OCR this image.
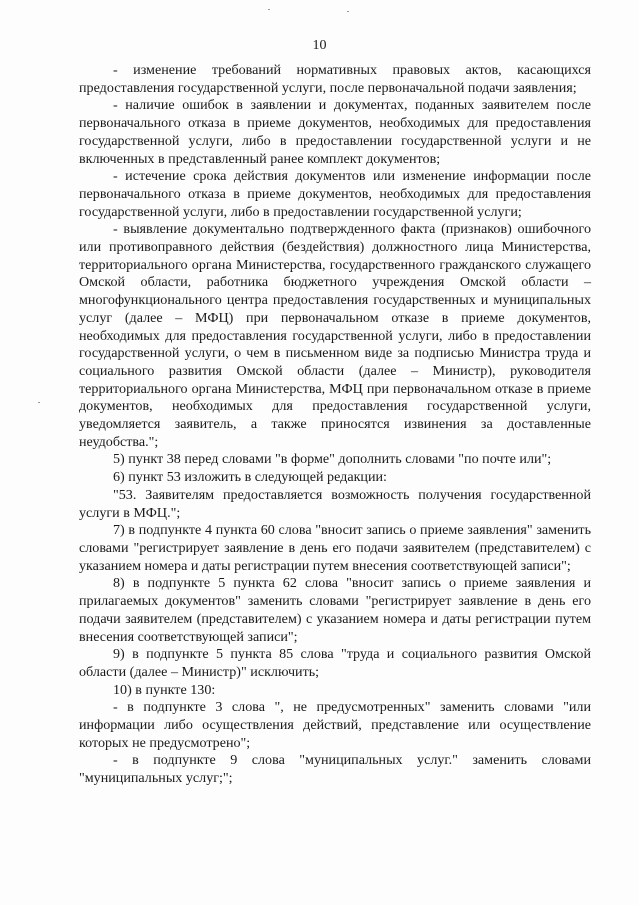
10

- изменение требований нормативных правовых актов, касающихся предоставления государственной услуги, после первоначальной подачи заявления;

- наличие ошибок в заявлении и документах, поданных заявителем после первоначального отказа в приеме документов, необходимых для предоставления государственной услуги, либо в предоставлении государственной услуги и не включенных в представленный ранее комплект документов;

- истечение срока действия документов или изменение информации после первоначального отказа в приеме документов, необходимых для предоставления государственной услуги, либо в предоставлении государственной услуги;

- выявление документально подтвержденного факта (признаков) ошибочного или противоправного действия (бездействия) должностного лица Министерства, территориального органа Министерства, государственного гражданского служащего Омской области, работника бюджетного учреждения Омской области – многофункционального центра предоставления государственных и муниципальных услуг (далее – МФЦ) при первоначальном отказе в приеме документов, необходимых для предоставления государственной услуги, либо в предоставлении государственной услуги, о чем в письменном виде за подписью Министра труда и социального развития Омской области (далее – Министр), руководителя территориального органа Министерства, МФЦ при первоначальном отказе в приеме документов, необходимых для предоставления государственной услуги, уведомляется заявитель, а также приносятся извинения за доставленные неудобства.";

5) пункт 38 перед словами "в форме" дополнить словами "по почте или";

6) пункт 53 изложить в следующей редакции:

"53. Заявителям предоставляется возможность получения государственной услуги в МФЦ.";

7) в подпункте 4 пункта 60 слова "вносит запись о приеме заявления" заменить словами "регистрирует заявление в день его подачи заявителем (представителем) с указанием номера и даты регистрации путем внесения соответствующей записи";

8) в подпункте 5 пункта 62 слова "вносит запись о приеме заявления и прилагаемых документов" заменить словами "регистрирует заявление в день его подачи заявителем (представителем) с указанием номера и даты регистрации путем внесения соответствующей записи";

9) в подпункте 5 пункта 85 слова "труда и социального развития Омской области (далее – Министр)" исключить;

10) в пункте 130:

- в подпункте 3 слова ", не предусмотренных" заменить словами "или информации либо осуществления действий, представление или осуществление которых не предусмотрено";

- в подпункте 9 слова "муниципальных услуг." заменить словами "муниципальных услуг;";
